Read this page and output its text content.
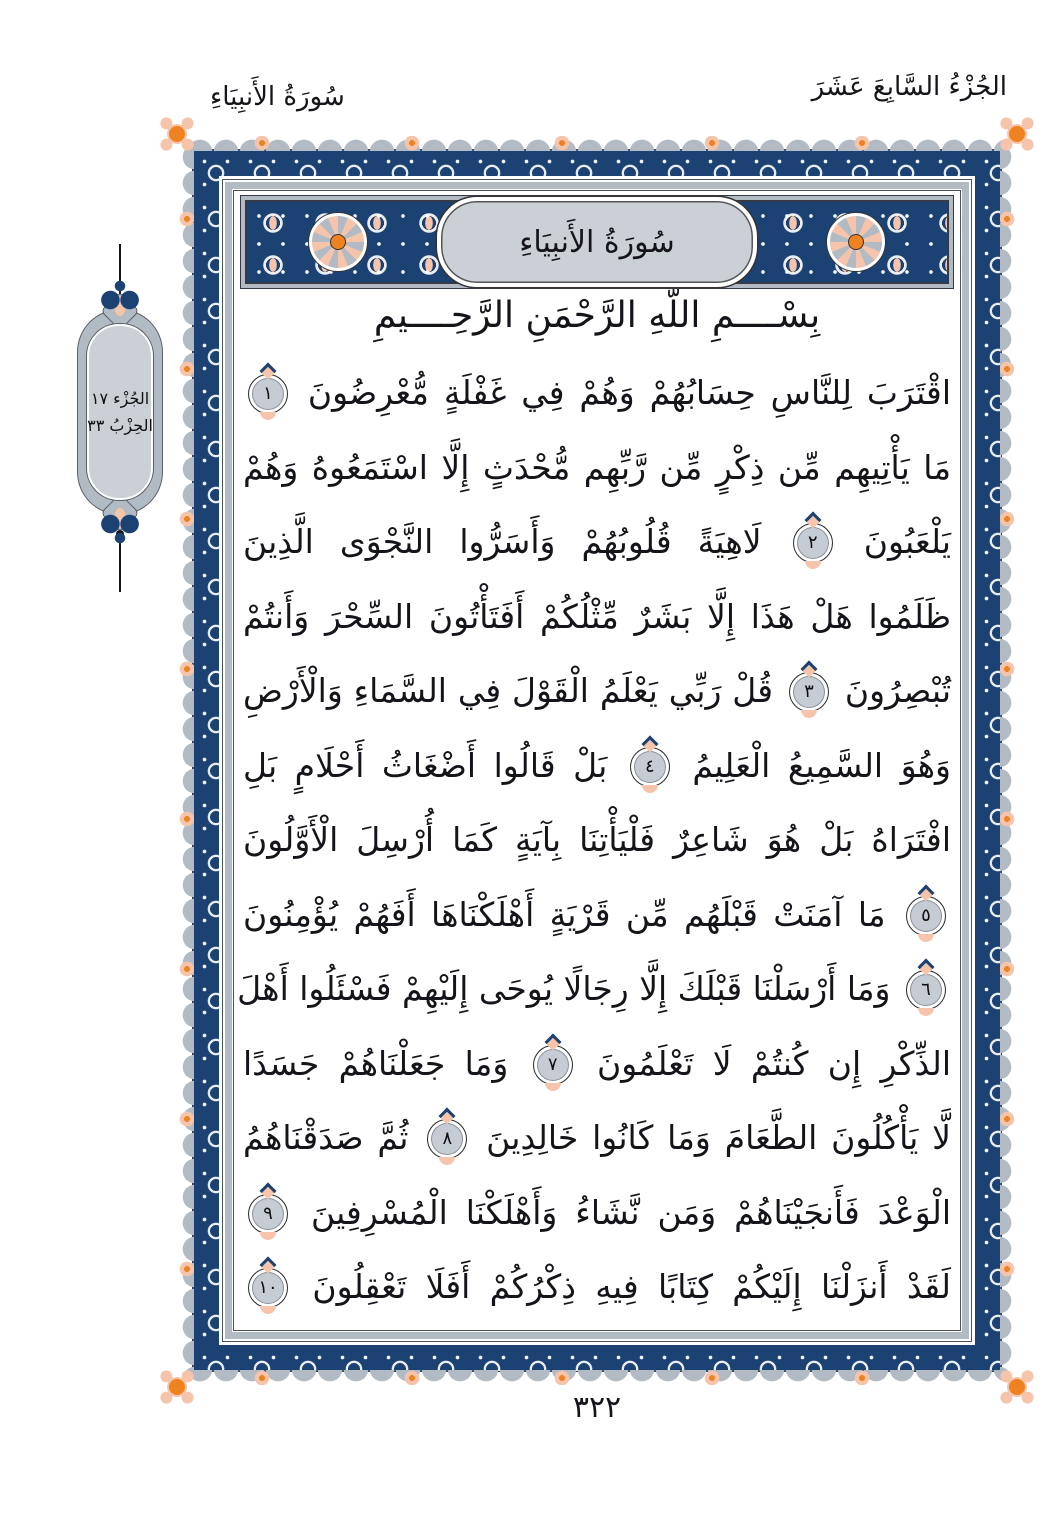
الجُزْءُ السَّابِعَ عَشَرَ
سُورَةُ الأَنبِيَاءِ
الجُزْء ١٧
الحِزْبُ ٣٣
سُورَةُ الأَنبِيَاءِ
بِسْــــمِ اللَّهِ الرَّحْمَنِ الرَّحِــــيمِ
اقْتَرَبَ لِلنَّاسِ حِسَابُهُمْ وَهُمْ فِي غَفْلَةٍ مُّعْرِضُونَ
١
مَا يَأْتِيهِم مِّن ذِكْرٍ مِّن رَّبِّهِم مُّحْدَثٍ إِلَّا اسْتَمَعُوهُ وَهُمْ
يَلْعَبُونَ
٢
لَاهِيَةً قُلُوبُهُمْ وَأَسَرُّوا النَّجْوَى الَّذِينَ
ظَلَمُوا هَلْ هَذَا إِلَّا بَشَرٌ مِّثْلُكُمْ أَفَتَأْتُونَ السِّحْرَ وَأَنتُمْ
تُبْصِرُونَ
٣
قُلْ رَبِّي يَعْلَمُ الْقَوْلَ فِي السَّمَاءِ وَالْأَرْضِ
وَهُوَ السَّمِيعُ الْعَلِيمُ
٤
بَلْ قَالُوا أَضْغَاثُ أَحْلَامٍ بَلِ
افْتَرَاهُ بَلْ هُوَ شَاعِرٌ فَلْيَأْتِنَا بِآيَةٍ كَمَا أُرْسِلَ الْأَوَّلُونَ
٥
مَا آمَنَتْ قَبْلَهُم مِّن قَرْيَةٍ أَهْلَكْنَاهَا أَفَهُمْ يُؤْمِنُونَ
٦
وَمَا أَرْسَلْنَا قَبْلَكَ إِلَّا رِجَالًا يُوحَى إِلَيْهِمْ فَسْئَلُوا أَهْلَ
الذِّكْرِ إِن كُنتُمْ لَا تَعْلَمُونَ
٧
وَمَا جَعَلْنَاهُمْ جَسَدًا
لَّا يَأْكُلُونَ الطَّعَامَ وَمَا كَانُوا خَالِدِينَ
٨
ثُمَّ صَدَقْنَاهُمُ
الْوَعْدَ فَأَنجَيْنَاهُمْ وَمَن نَّشَاءُ وَأَهْلَكْنَا الْمُسْرِفِينَ
٩
لَقَدْ أَنزَلْنَا إِلَيْكُمْ كِتَابًا فِيهِ ذِكْرُكُمْ أَفَلَا تَعْقِلُونَ
١٠
٣٢٢
